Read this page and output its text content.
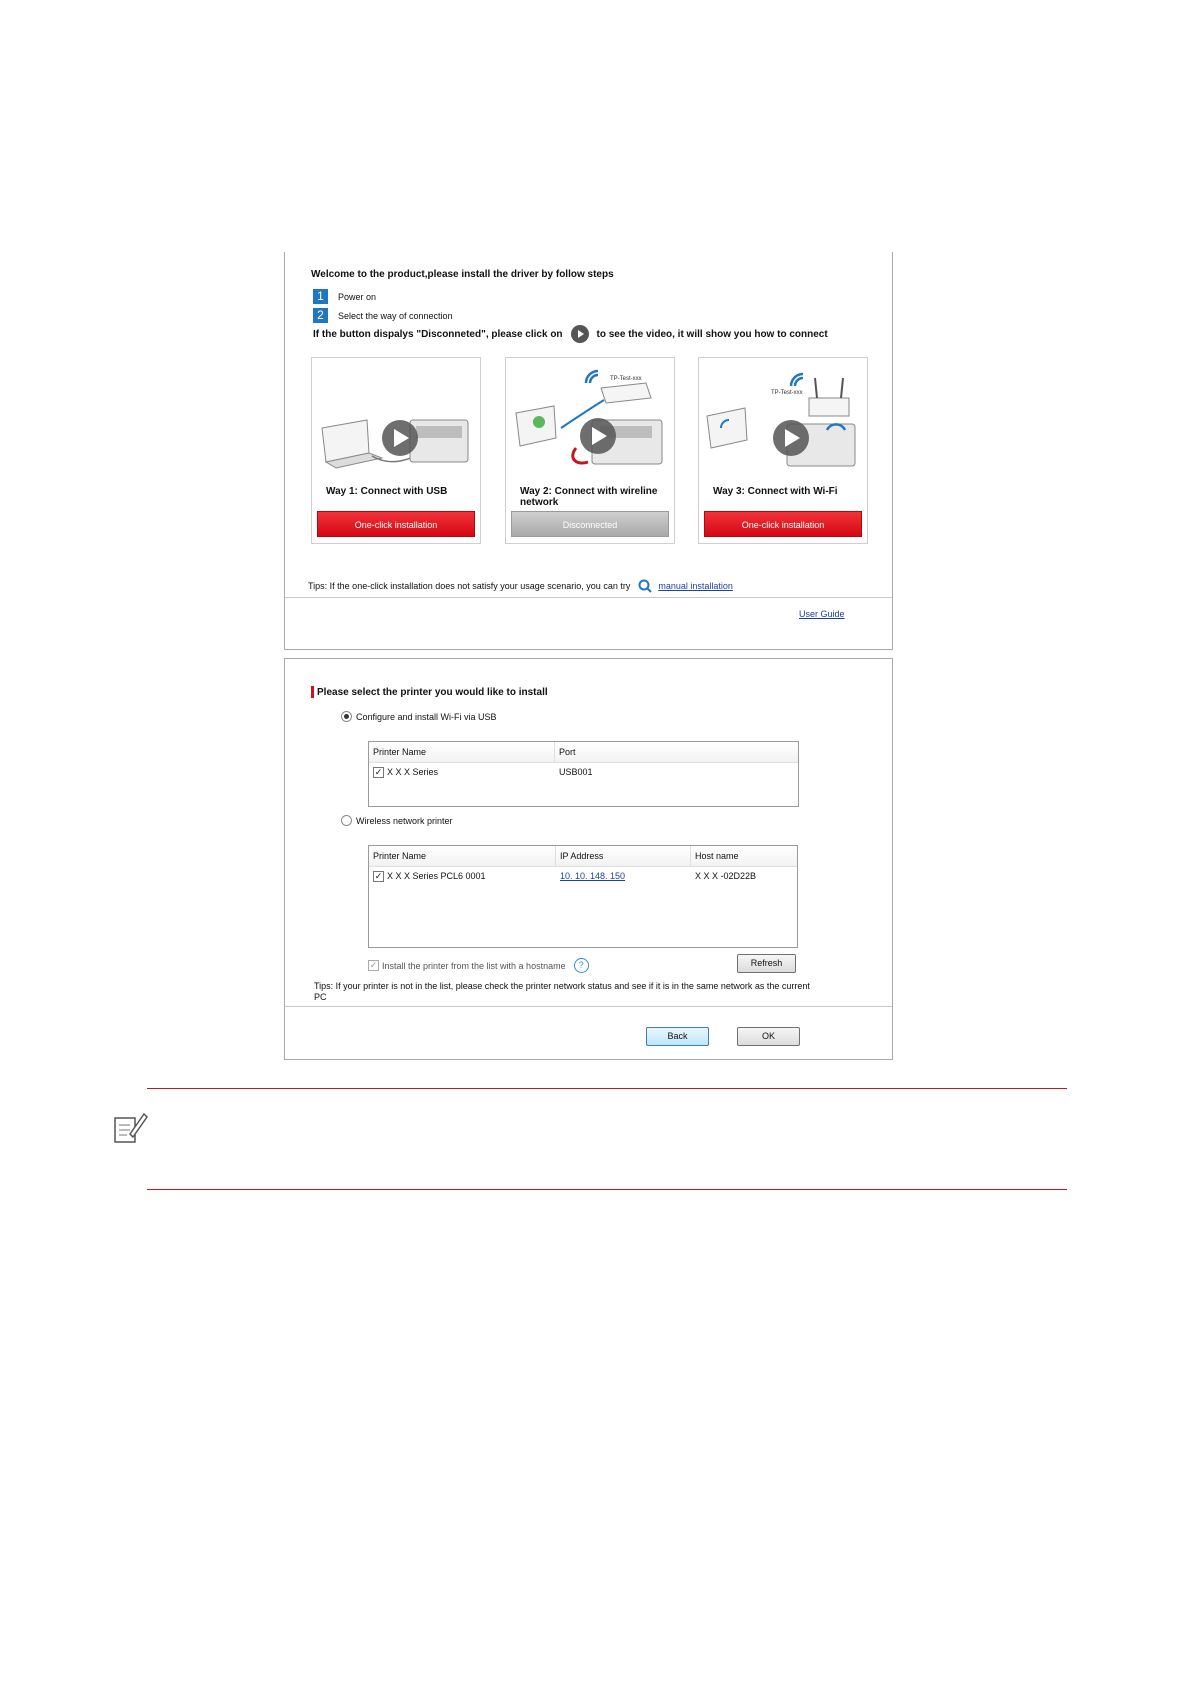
Welcome to the product,please install the driver by follow steps
1	Power on
2	Select the way of connection
If the button dispalys "Disconneted", please click on	to see the video, it will show you how to connect
Way 1: Connect with USB
One-click installation
TP-Test-xxx
Way 2: Connect with wireline network
Disconnected
TP-Test-xxx
Way 3: Connect with Wi-Fi
One-click installation
Tips: If the one-click installation does not satisfy your usage scenario, you can try	manual installation
User Guide
Please select the printer you would like to install
Configure and install Wi-Fi via USB
Printer Name	Port
✓ X X X Series	USB001
Wireless network printer
Printer Name	IP Address	Host name
✓ X X X Series PCL6 0001	10. 10. 148. 150	X X X -02D22B
✓ Install the printer from the list with a hostname	?	Refresh
Tips: If your printer is not in the list, please check the printer network status and see if it is in the same network as the current PC
Back	OK
